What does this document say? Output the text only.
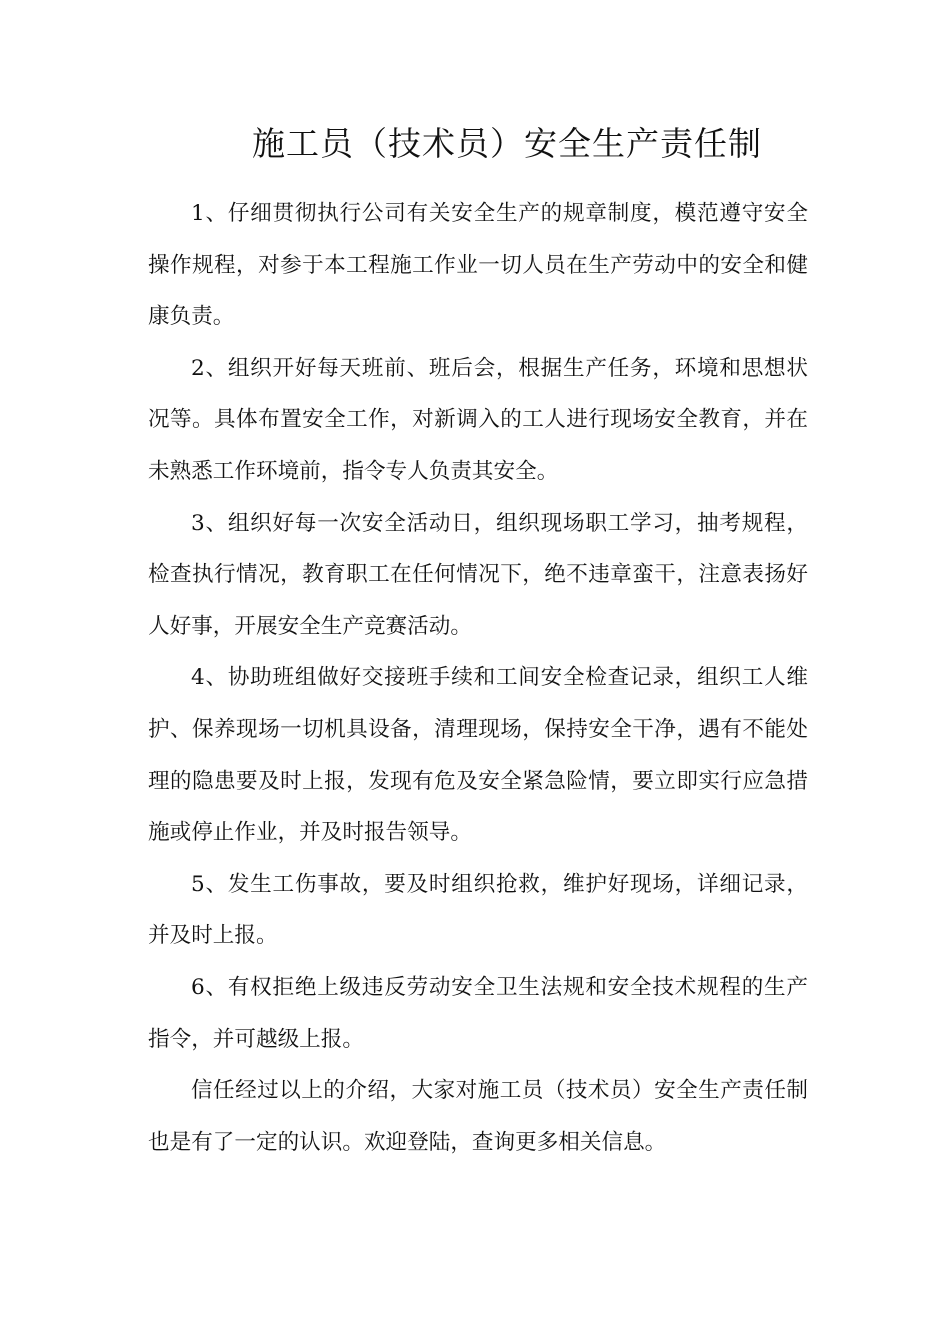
施工员（技术员）安全生产责任制

1、仔细贯彻执行公司有关安全生产的规章制度，模范遵守安全操作规程，对参于本工程施工作业一切人员在生产劳动中的安全和健康负责。

2、组织开好每天班前、班后会，根据生产任务，环境和思想状况等。具体布置安全工作，对新调入的工人进行现场安全教育，并在未熟悉工作环境前，指令专人负责其安全。

3、组织好每一次安全活动日，组织现场职工学习，抽考规程，检查执行情况，教育职工在任何情况下，绝不违章蛮干，注意表扬好人好事，开展安全生产竞赛活动。

4、协助班组做好交接班手续和工间安全检查记录，组织工人维护、保养现场一切机具设备，清理现场，保持安全干净，遇有不能处理的隐患要及时上报，发现有危及安全紧急险情，要立即实行应急措施或停止作业，并及时报告领导。

5、发生工伤事故，要及时组织抢救，维护好现场，详细记录，并及时上报。

6、有权拒绝上级违反劳动安全卫生法规和安全技术规程的生产指令，并可越级上报。

信任经过以上的介绍，大家对施工员（技术员）安全生产责任制也是有了一定的认识。欢迎登陆，查询更多相关信息。
